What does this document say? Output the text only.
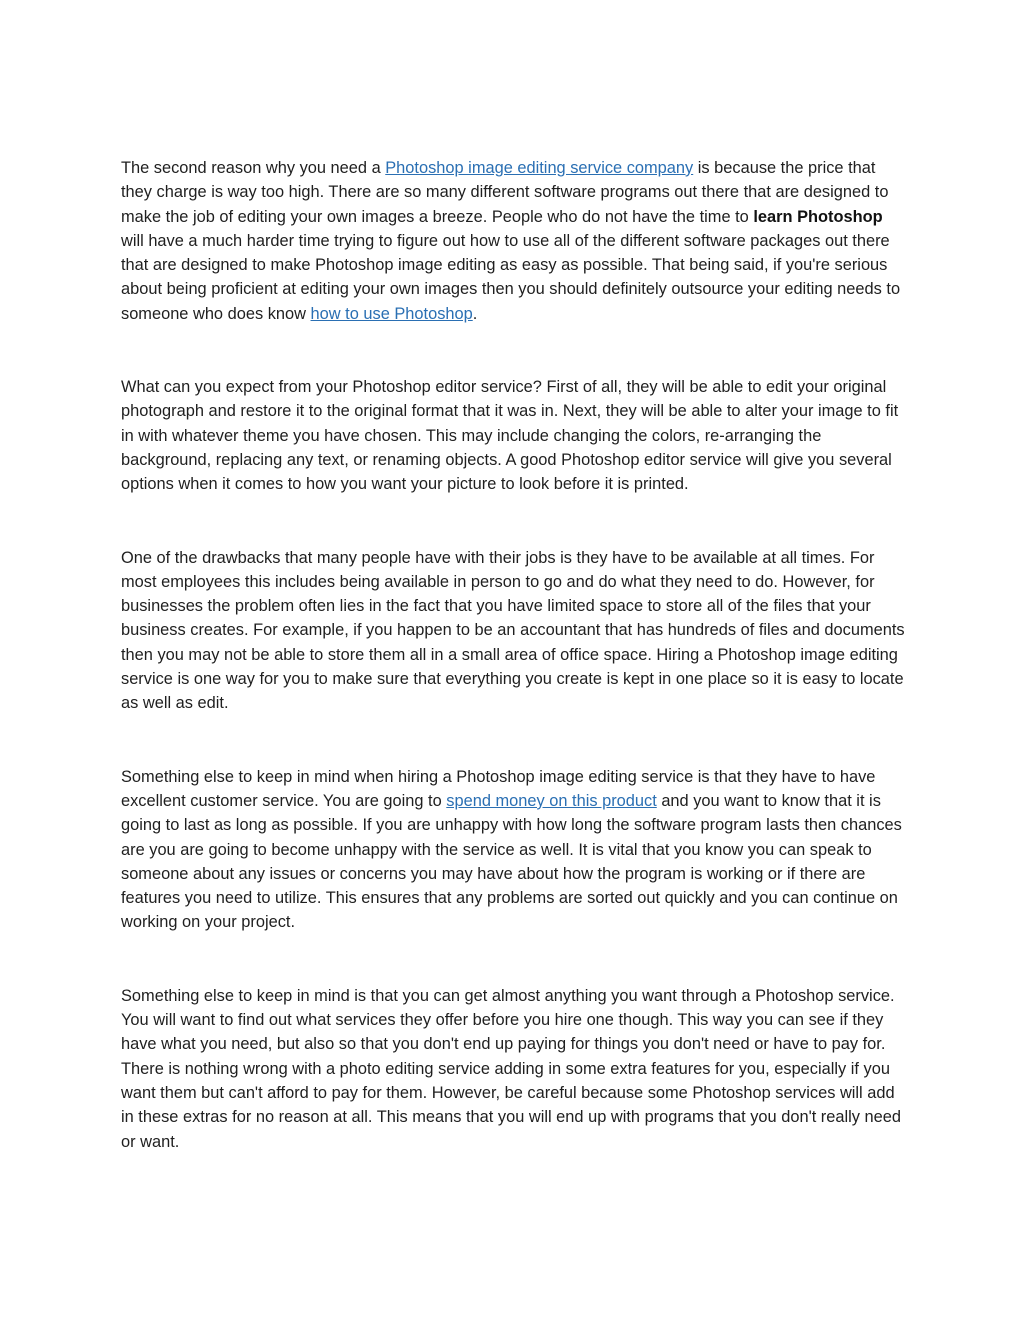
The second reason why you need a Photoshop image editing service company is because the price that they charge is way too high. There are so many different software programs out there that are designed to make the job of editing your own images a breeze. People who do not have the time to learn Photoshop will have a much harder time trying to figure out how to use all of the different software packages out there that are designed to make Photoshop image editing as easy as possible. That being said, if you're serious about being proficient at editing your own images then you should definitely outsource your editing needs to someone who does know how to use Photoshop.

What can you expect from your Photoshop editor service? First of all, they will be able to edit your original photograph and restore it to the original format that it was in. Next, they will be able to alter your image to fit in with whatever theme you have chosen. This may include changing the colors, re-arranging the background, replacing any text, or renaming objects. A good Photoshop editor service will give you several options when it comes to how you want your picture to look before it is printed.

One of the drawbacks that many people have with their jobs is they have to be available at all times. For most employees this includes being available in person to go and do what they need to do. However, for businesses the problem often lies in the fact that you have limited space to store all of the files that your business creates. For example, if you happen to be an accountant that has hundreds of files and documents then you may not be able to store them all in a small area of office space. Hiring a Photoshop image editing service is one way for you to make sure that everything you create is kept in one place so it is easy to locate as well as edit.

Something else to keep in mind when hiring a Photoshop image editing service is that they have to have excellent customer service. You are going to spend money on this product and you want to know that it is going to last as long as possible. If you are unhappy with how long the software program lasts then chances are you are going to become unhappy with the service as well. It is vital that you know you can speak to someone about any issues or concerns you may have about how the program is working or if there are features you need to utilize. This ensures that any problems are sorted out quickly and you can continue on working on your project.

Something else to keep in mind is that you can get almost anything you want through a Photoshop service. You will want to find out what services they offer before you hire one though. This way you can see if they have what you need, but also so that you don't end up paying for things you don't need or have to pay for. There is nothing wrong with a photo editing service adding in some extra features for you, especially if you want them but can't afford to pay for them. However, be careful because some Photoshop services will add in these extras for no reason at all. This means that you will end up with programs that you don't really need or want.
